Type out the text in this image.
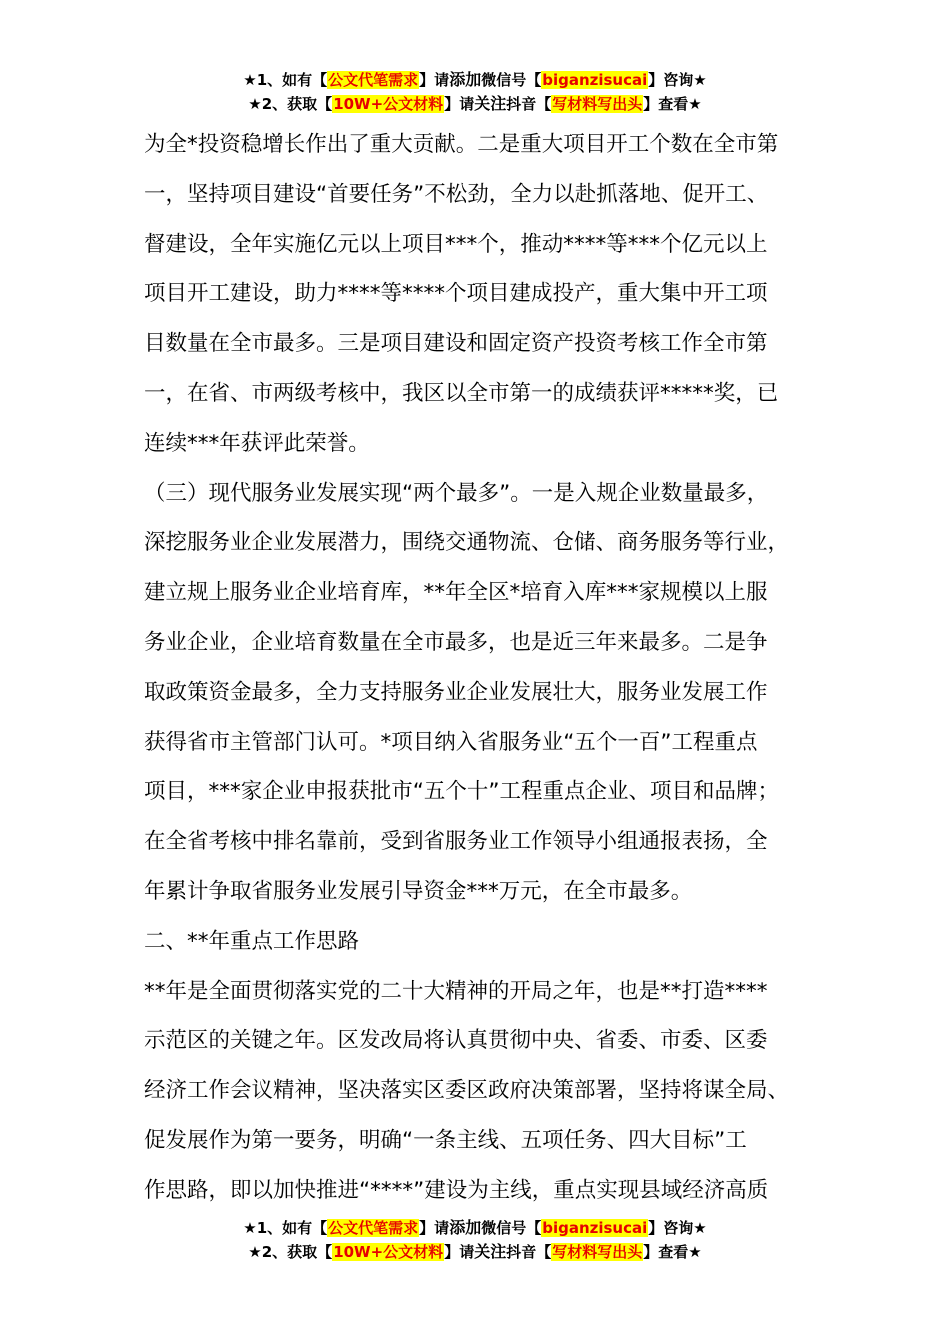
★1、如有【公文代笔需求】请添加微信号【biganzisucai】咨询★
★2、获取【10W+公文材料】请关注抖音【写材料写出头】查看★
为全*投资稳增长作出了重大贡献。二是重大项目开工个数在全市第
一，坚持项目建设“首要任务”不松劲，全力以赴抓落地、促开工、
督建设，全年实施亿元以上项目***个，推动****等***个亿元以上
项目开工建设，助力****等****个项目建成投产，重大集中开工项
目数量在全市最多。三是项目建设和固定资产投资考核工作全市第
一，在省、市两级考核中，我区以全市第一的成绩获评*****奖，已
连续***年获评此荣誉。
（三）现代服务业发展实现“两个最多”。一是入规企业数量最多，
深挖服务业企业发展潜力，围绕交通物流、仓储、商务服务等行业，
建立规上服务业企业培育库，**年全区*培育入库***家规模以上服
务业企业，企业培育数量在全市最多，也是近三年来最多。二是争
取政策资金最多，全力支持服务业企业发展壮大，服务业发展工作
获得省市主管部门认可。*项目纳入省服务业“五个一百”工程重点
项目，***家企业申报获批市“五个十”工程重点企业、项目和品牌；
在全省考核中排名靠前，受到省服务业工作领导小组通报表扬，全
年累计争取省服务业发展引导资金***万元，在全市最多。
二、**年重点工作思路
**年是全面贯彻落实党的二十大精神的开局之年，也是**打造****
示范区的关键之年。区发改局将认真贯彻中央、省委、市委、区委
经济工作会议精神，坚决落实区委区政府决策部署，坚持将谋全局、
促发展作为第一要务，明确“一条主线、五项任务、四大目标”工
作思路，即以加快推进“****”建设为主线，重点实现县域经济高质
★1、如有【公文代笔需求】请添加微信号【biganzisucai】咨询★
★2、获取【10W+公文材料】请关注抖音【写材料写出头】查看★
